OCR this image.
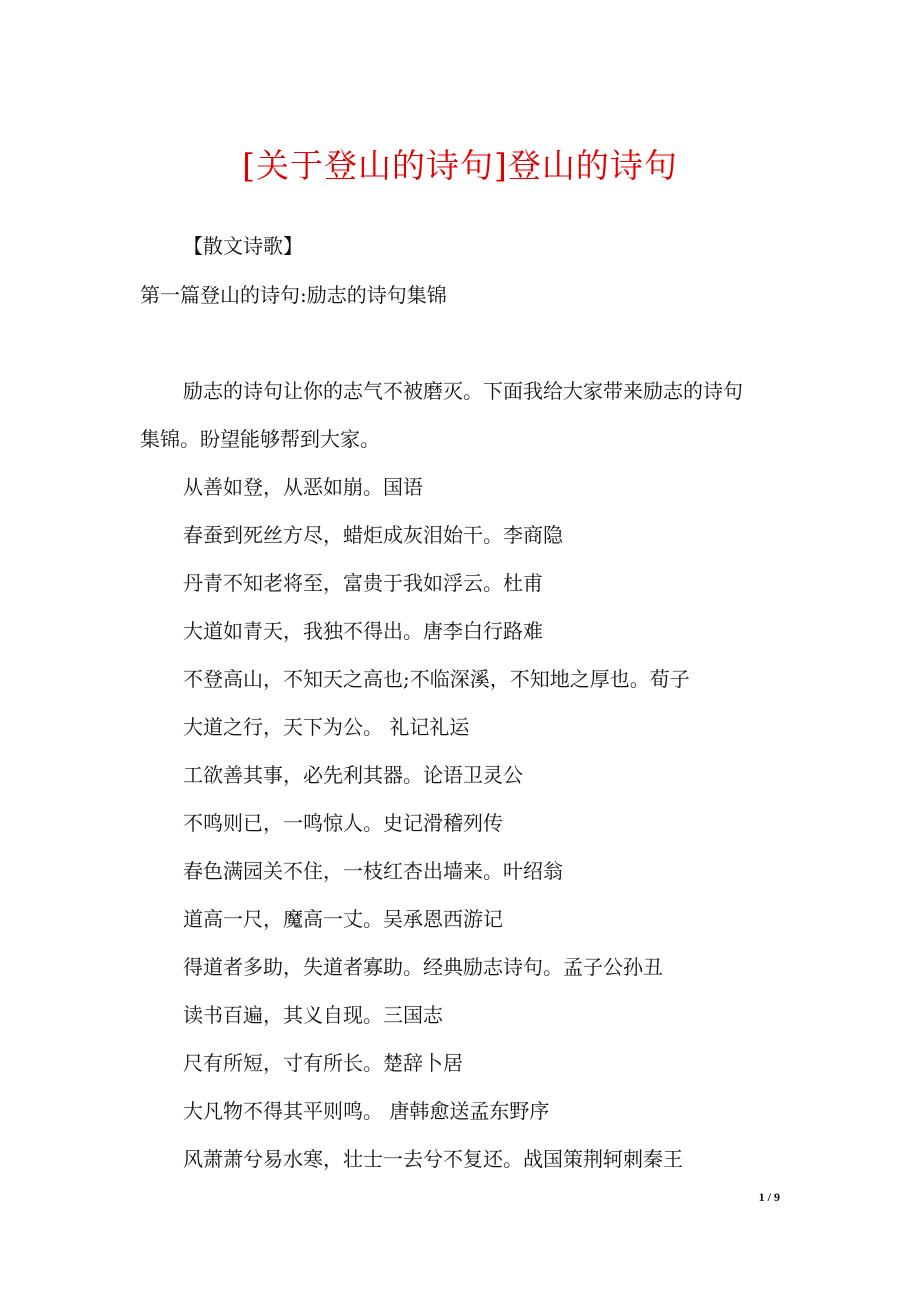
[关于登山的诗句]登山的诗句
【散文诗歌】
第一篇登山的诗句:励志的诗句集锦
励志的诗句让你的志气不被磨灭。下面我给大家带来励志的诗句
集锦。盼望能够帮到大家。
从善如登，从恶如崩。国语
春蚕到死丝方尽，蜡炬成灰泪始干。李商隐
丹青不知老将至，富贵于我如浮云。杜甫
大道如青天，我独不得出。唐李白行路难
不登高山，不知天之高也;不临深溪，不知地之厚也。荀子
大道之行，天下为公。 礼记礼运
工欲善其事，必先利其器。论语卫灵公
不鸣则已，一鸣惊人。史记滑稽列传
春色满园关不住，一枝红杏出墙来。叶绍翁
道高一尺，魔高一丈。吴承恩西游记
得道者多助，失道者寡助。经典励志诗句。孟子公孙丑
读书百遍，其义自现。三国志
尺有所短，寸有所长。楚辞卜居
大凡物不得其平则鸣。 唐韩愈送孟东野序
风萧萧兮易水寒，壮士一去兮不复还。战国策荆轲刺秦王
1 / 9
